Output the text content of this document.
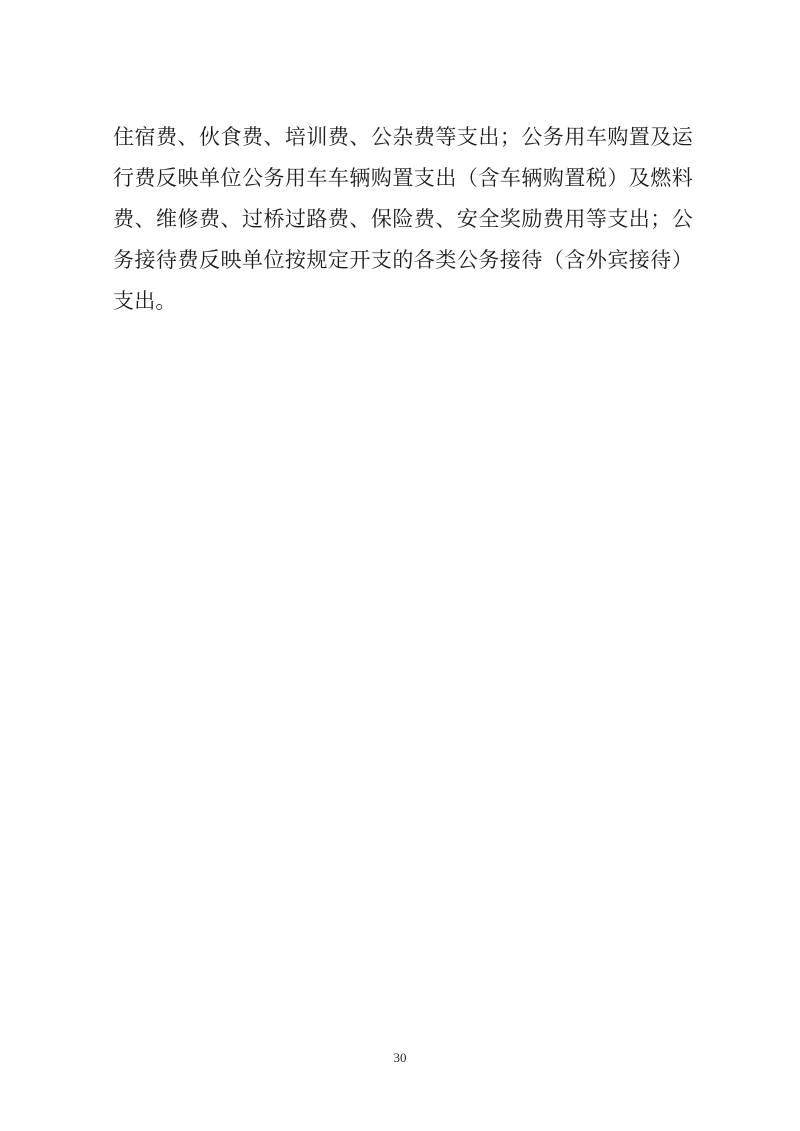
住宿费、伙食费、培训费、公杂费等支出；公务用车购置及运行费反映单位公务用车车辆购置支出（含车辆购置税）及燃料费、维修费、过桥过路费、保险费、安全奖励费用等支出；公务接待费反映单位按规定开支的各类公务接待（含外宾接待）支出。

30
